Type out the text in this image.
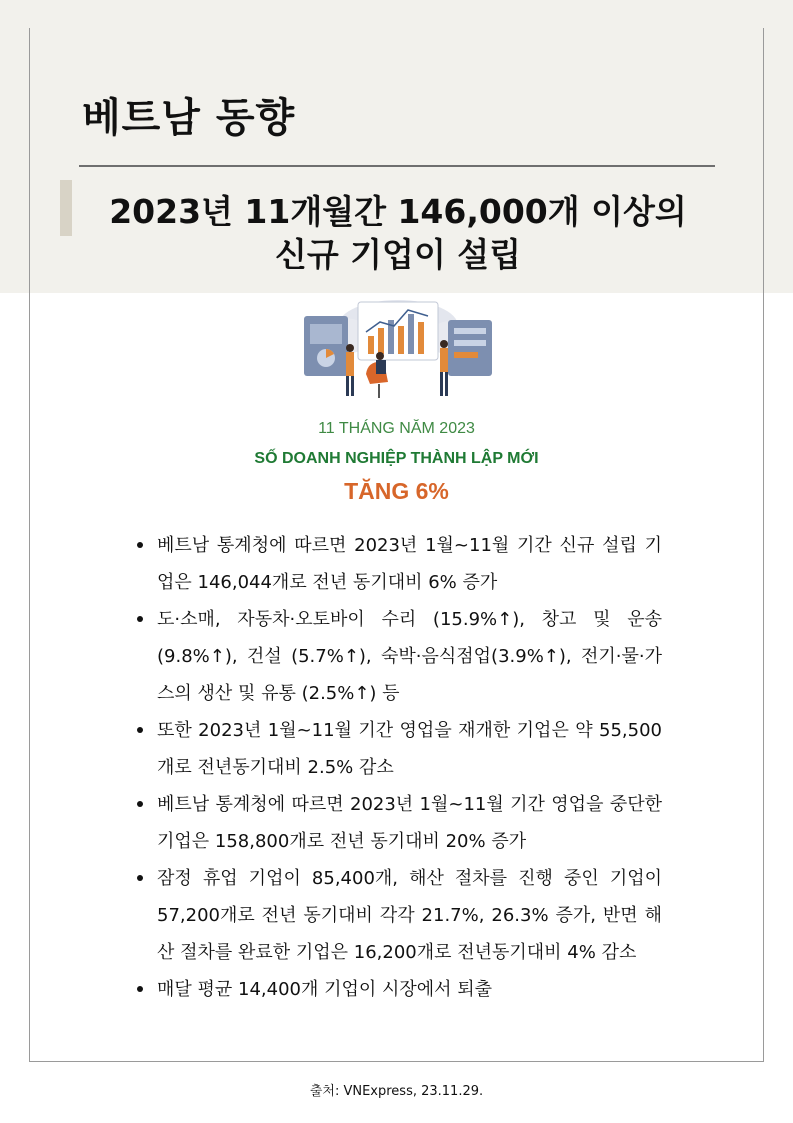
베트남 동향
2023년 11개월간 146,000개 이상의
신규 기업이 설립
11 THÁNG NĂM 2023
SỐ DOANH NGHIỆP THÀNH LẬP MỚI
TĂNG 6%
베트남 통계청에 따르면 2023년 1월~11월 기간 신규 설립 기업은 146,044개로 전년 동기대비 6% 증가
도·소매, 자동차·오토바이 수리 (15.9%↑), 창고 및 운송 (9.8%↑), 건설 (5.7%↑), 숙박·음식점업(3.9%↑), 전기·물·가스의 생산 및 유통 (2.5%↑) 등
또한 2023년 1월~11월 기간 영업을 재개한 기업은 약 55,500개로 전년동기대비 2.5% 감소
베트남 통계청에 따르면 2023년 1월~11월 기간 영업을 중단한 기업은 158,800개로 전년 동기대비 20% 증가
잠정 휴업 기업이 85,400개, 해산 절차를 진행 중인 기업이 57,200개로 전년 동기대비 각각 21.7%, 26.3% 증가, 반면 해산 절차를 완료한 기업은 16,200개로 전년동기대비 4% 감소
매달 평균 14,400개 기업이 시장에서 퇴출
출처: VNExpress, 23.11.29.
